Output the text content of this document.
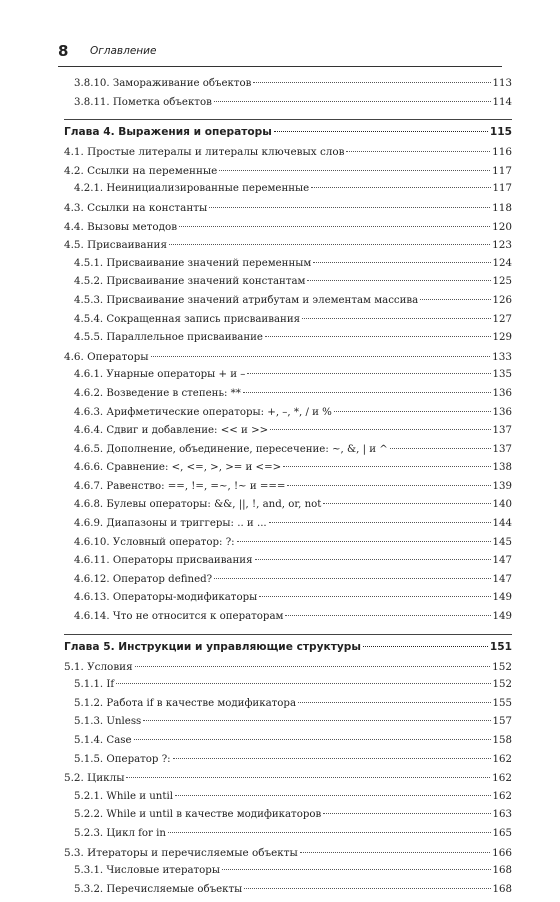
8 Оглавление
3.8.10. Замораживание объектов	113
3.8.11. Пометка объектов	114
Глава 4. Выражения и операторы	115
4.1. Простые литералы и литералы ключевых слов	116
4.2. Ссылки на переменные	117
4.2.1. Неинициализированные переменные	117
4.3. Ссылки на константы	118
4.4. Вызовы методов	120
4.5. Присваивания	123
4.5.1. Присваивание значений переменным	124
4.5.2. Присваивание значений константам	125
4.5.3. Присваивание значений атрибутам и элементам массива	126
4.5.4. Сокращенная запись присваивания	127
4.5.5. Параллельное присваивание	129
4.6. Операторы	133
4.6.1. Унарные операторы + и –	135
4.6.2. Возведение в степень: **	136
4.6.3. Арифметические операторы: +, –, *, / и %	136
4.6.4. Сдвиг и добавление: << и >>	137
4.6.5. Дополнение, объединение, пересечение: ~, &, | и ^	137
4.6.6. Сравнение: <, <=, >, >= и <=>	138
4.6.7. Равенство: ==, !=, =~, !~ и ===	139
4.6.8. Булевы операторы: &&, ||, !, and, or, not	140
4.6.9. Диапазоны и триггеры: .. и ...	144
4.6.10. Условный оператор: ?:	145
4.6.11. Операторы присваивания	147
4.6.12. Оператор defined?	147
4.6.13. Операторы-модификаторы	149
4.6.14. Что не относится к операторам	149
Глава 5. Инструкции и управляющие структуры	151
5.1. Условия	152
5.1.1. If	152
5.1.2. Работа if в качестве модификатора	155
5.1.3. Unless	157
5.1.4. Case	158
5.1.5. Оператор ?:	162
5.2. Циклы	162
5.2.1. While и until	162
5.2.2. While и until в качестве модификаторов	163
5.2.3. Цикл for in	165
5.3. Итераторы и перечисляемые объекты	166
5.3.1. Числовые итераторы	168
5.3.2. Перечисляемые объекты	168
